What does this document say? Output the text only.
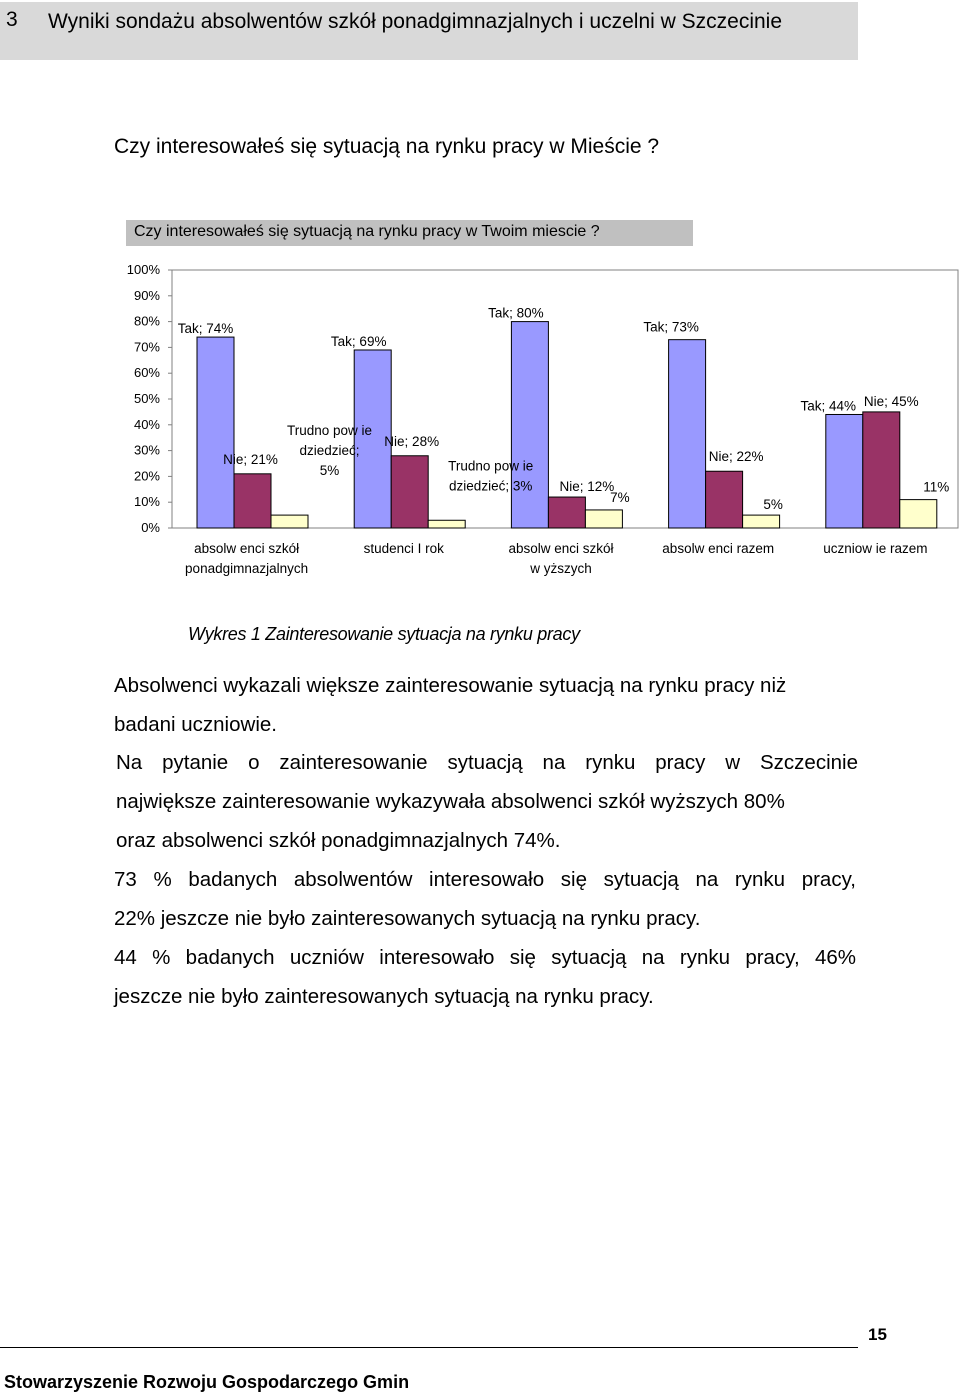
3 Wyniki sondażu absolwentów szkół ponadgimnazjalnych i uczelni w Szczecinie
Czy interesowałeś się sytuacją na rynku pracy w Mieście ?
Czy interesowałeś się sytuacją na rynku pracy w Twoim miescie ?
0%
10%
20%
30%
40%
50%
60%
70%
80%
90%
100%
absolw enci szkół
ponadgimnazjalnych
studenci I rok	absolw enci szkół
w yższych
absolw enci razem	uczniow ie razem
Tak; 74%
Tak; 69%
Tak; 80%
Tak; 73%
Tak; 44%
Nie; 21%
Nie; 28%
Nie; 12%
Nie; 22%
Nie; 45%
Trudno pow ie
dziedzieć;
5%	Trudno pow ie
dziedzieć; 3%
7%	5%
11%
Wykres 1 Zainteresowanie sytuacja na rynku pracy
Absolwenci wykazali większe zainteresowanie sytuacją na rynku pracy niż
badani uczniowie.
Na pytanie o zainteresowanie sytuacją na rynku pracy w Szczecinie
największe zainteresowanie wykazywała absolwenci szkół wyższych 80%
oraz absolwenci szkół ponadgimnazjalnych 74%.
73 % badanych absolwentów interesowało się sytuacją na rynku pracy,
22% jeszcze nie było zainteresowanych sytuacją na rynku pracy.
44 % badanych uczniów interesowało się sytuacją na rynku pracy, 46%
jeszcze nie było zainteresowanych sytuacją na rynku pracy.
15
Stowarzyszenie Rozwoju Gospodarczego Gmin
